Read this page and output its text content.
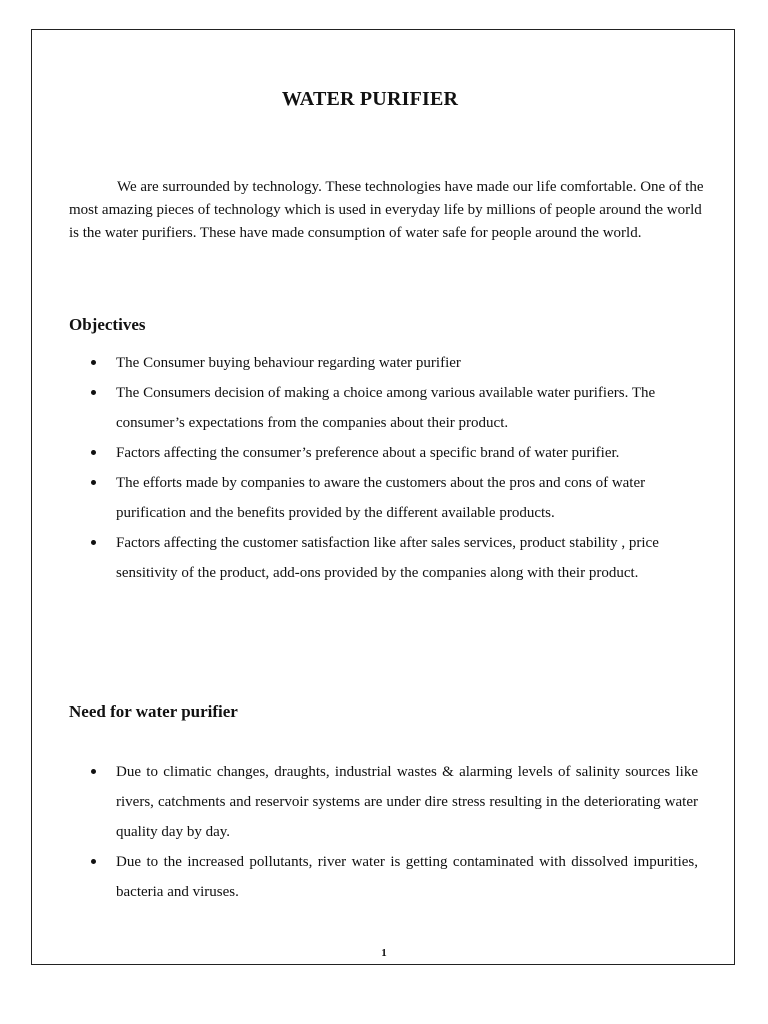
WATER PURIFIER

We are surrounded by technology. These technologies have made our life comfortable. One of the most amazing pieces of technology which is used in everyday life by millions of people around the world is the water purifiers. These have made consumption of water safe for people around the world.

Objectives
The Consumer buying behaviour regarding water purifier
The Consumers decision of making a choice among various available water purifiers. The consumer’s expectations from the companies about their product.
Factors affecting the consumer’s preference about a specific brand of water purifier.
The efforts made by companies to aware the customers about the pros and cons of water purification and the benefits provided by the different available products.
Factors affecting the customer satisfaction like after sales services, product stability , price sensitivity of the product, add-ons provided by the companies along with their product.
Need for water purifier
Due to climatic changes, draughts, industrial wastes & alarming levels of salinity sources like rivers, catchments and reservoir systems are under dire stress resulting in the deteriorating water quality day by day.
Due to the increased pollutants, river water is getting contaminated with dissolved impurities, bacteria and viruses.
1
